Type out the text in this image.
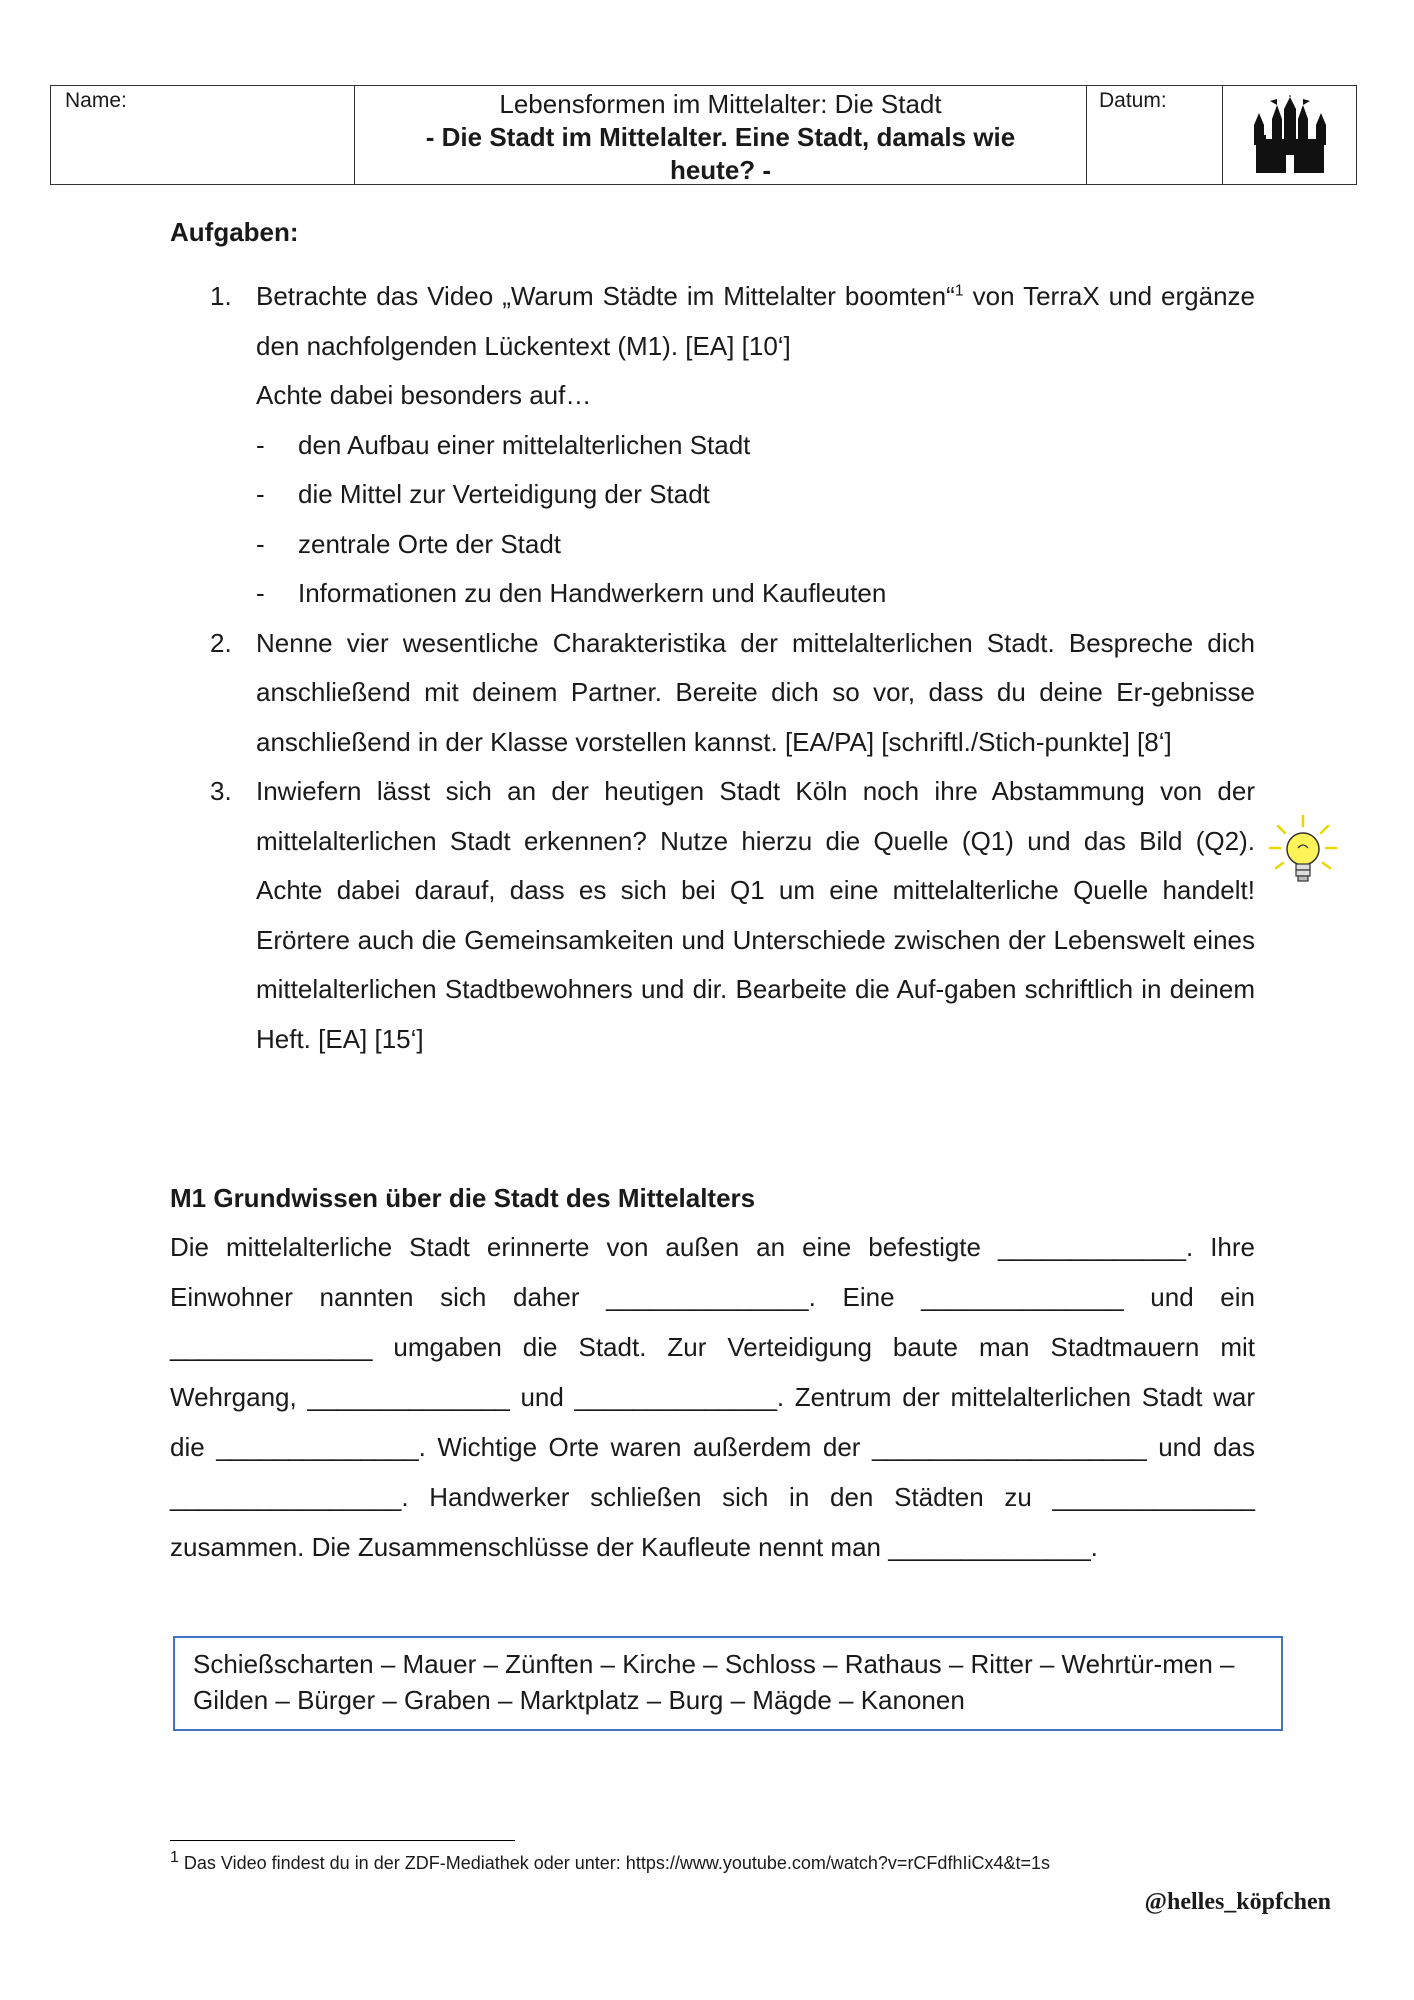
Name:	Lebensformen im Mittelalter: Die Stadt
- Die Stadt im Mittelalter. Eine Stadt, damals wie heute? -
Datum:
Aufgaben:
1. Betrachte das Video „Warum Städte im Mittelalter boomten“$^1$ von TerraX und ergänze den nachfolgenden Lückentext (M1). [EA] [10‘]
Achte dabei besonders auf…
-	den Aufbau einer mittelalterlichen Stadt
-	die Mittel zur Verteidigung der Stadt
-	zentrale Orte der Stadt
-	Informationen zu den Handwerkern und Kaufleuten
2. Nenne vier wesentliche Charakteristika der mittelalterlichen Stadt. Bespreche dich anschließend mit deinem Partner. Bereite dich so vor, dass du deine Er-gebnisse anschließend in der Klasse vorstellen kannst. [EA/PA] [schriftl./Stich-punkte] [8‘]
3. Inwiefern lässt sich an der heutigen Stadt Köln noch ihre Abstammung von der mittelalterlichen Stadt erkennen? Nutze hierzu die Quelle (Q1) und das Bild (Q2). Achte dabei darauf, dass es sich bei Q1 um eine mittelalterliche Quelle handelt! Erörtere auch die Gemeinsamkeiten und Unterschiede zwischen der Lebenswelt eines mittelalterlichen Stadtbewohners und dir. Bearbeite die Auf-gaben schriftlich in deinem Heft. [EA] [15‘]
M1 Grundwissen über die Stadt des Mittelalters
Die mittelalterliche Stadt erinnerte von außen an eine befestigte _____________. Ihre Einwohner nannten sich daher ______________. Eine ______________ und ein ______________ umgaben die Stadt. Zur Verteidigung baute man Stadtmauern mit Wehrgang, ______________ und ______________. Zentrum der mittelalterlichen Stadt war die ______________. Wichtige Orte waren außerdem der ___________________ und das ________________. Handwerker schließen sich in den Städten zu ______________ zusammen. Die Zusammenschlüsse der Kaufleute nennt man ______________.
Schießscharten – Mauer – Zünften – Kirche – Schloss – Rathaus – Ritter – Wehrtür-men – Gilden – Bürger – Graben – Marktplatz – Burg – Mägde – Kanonen
$^1$ Das Video findest du in der ZDF-Mediathek oder unter: https://www.youtube.com/watch?v=rCFdfhIiCx4&t=1s
@helles_köpfchen
